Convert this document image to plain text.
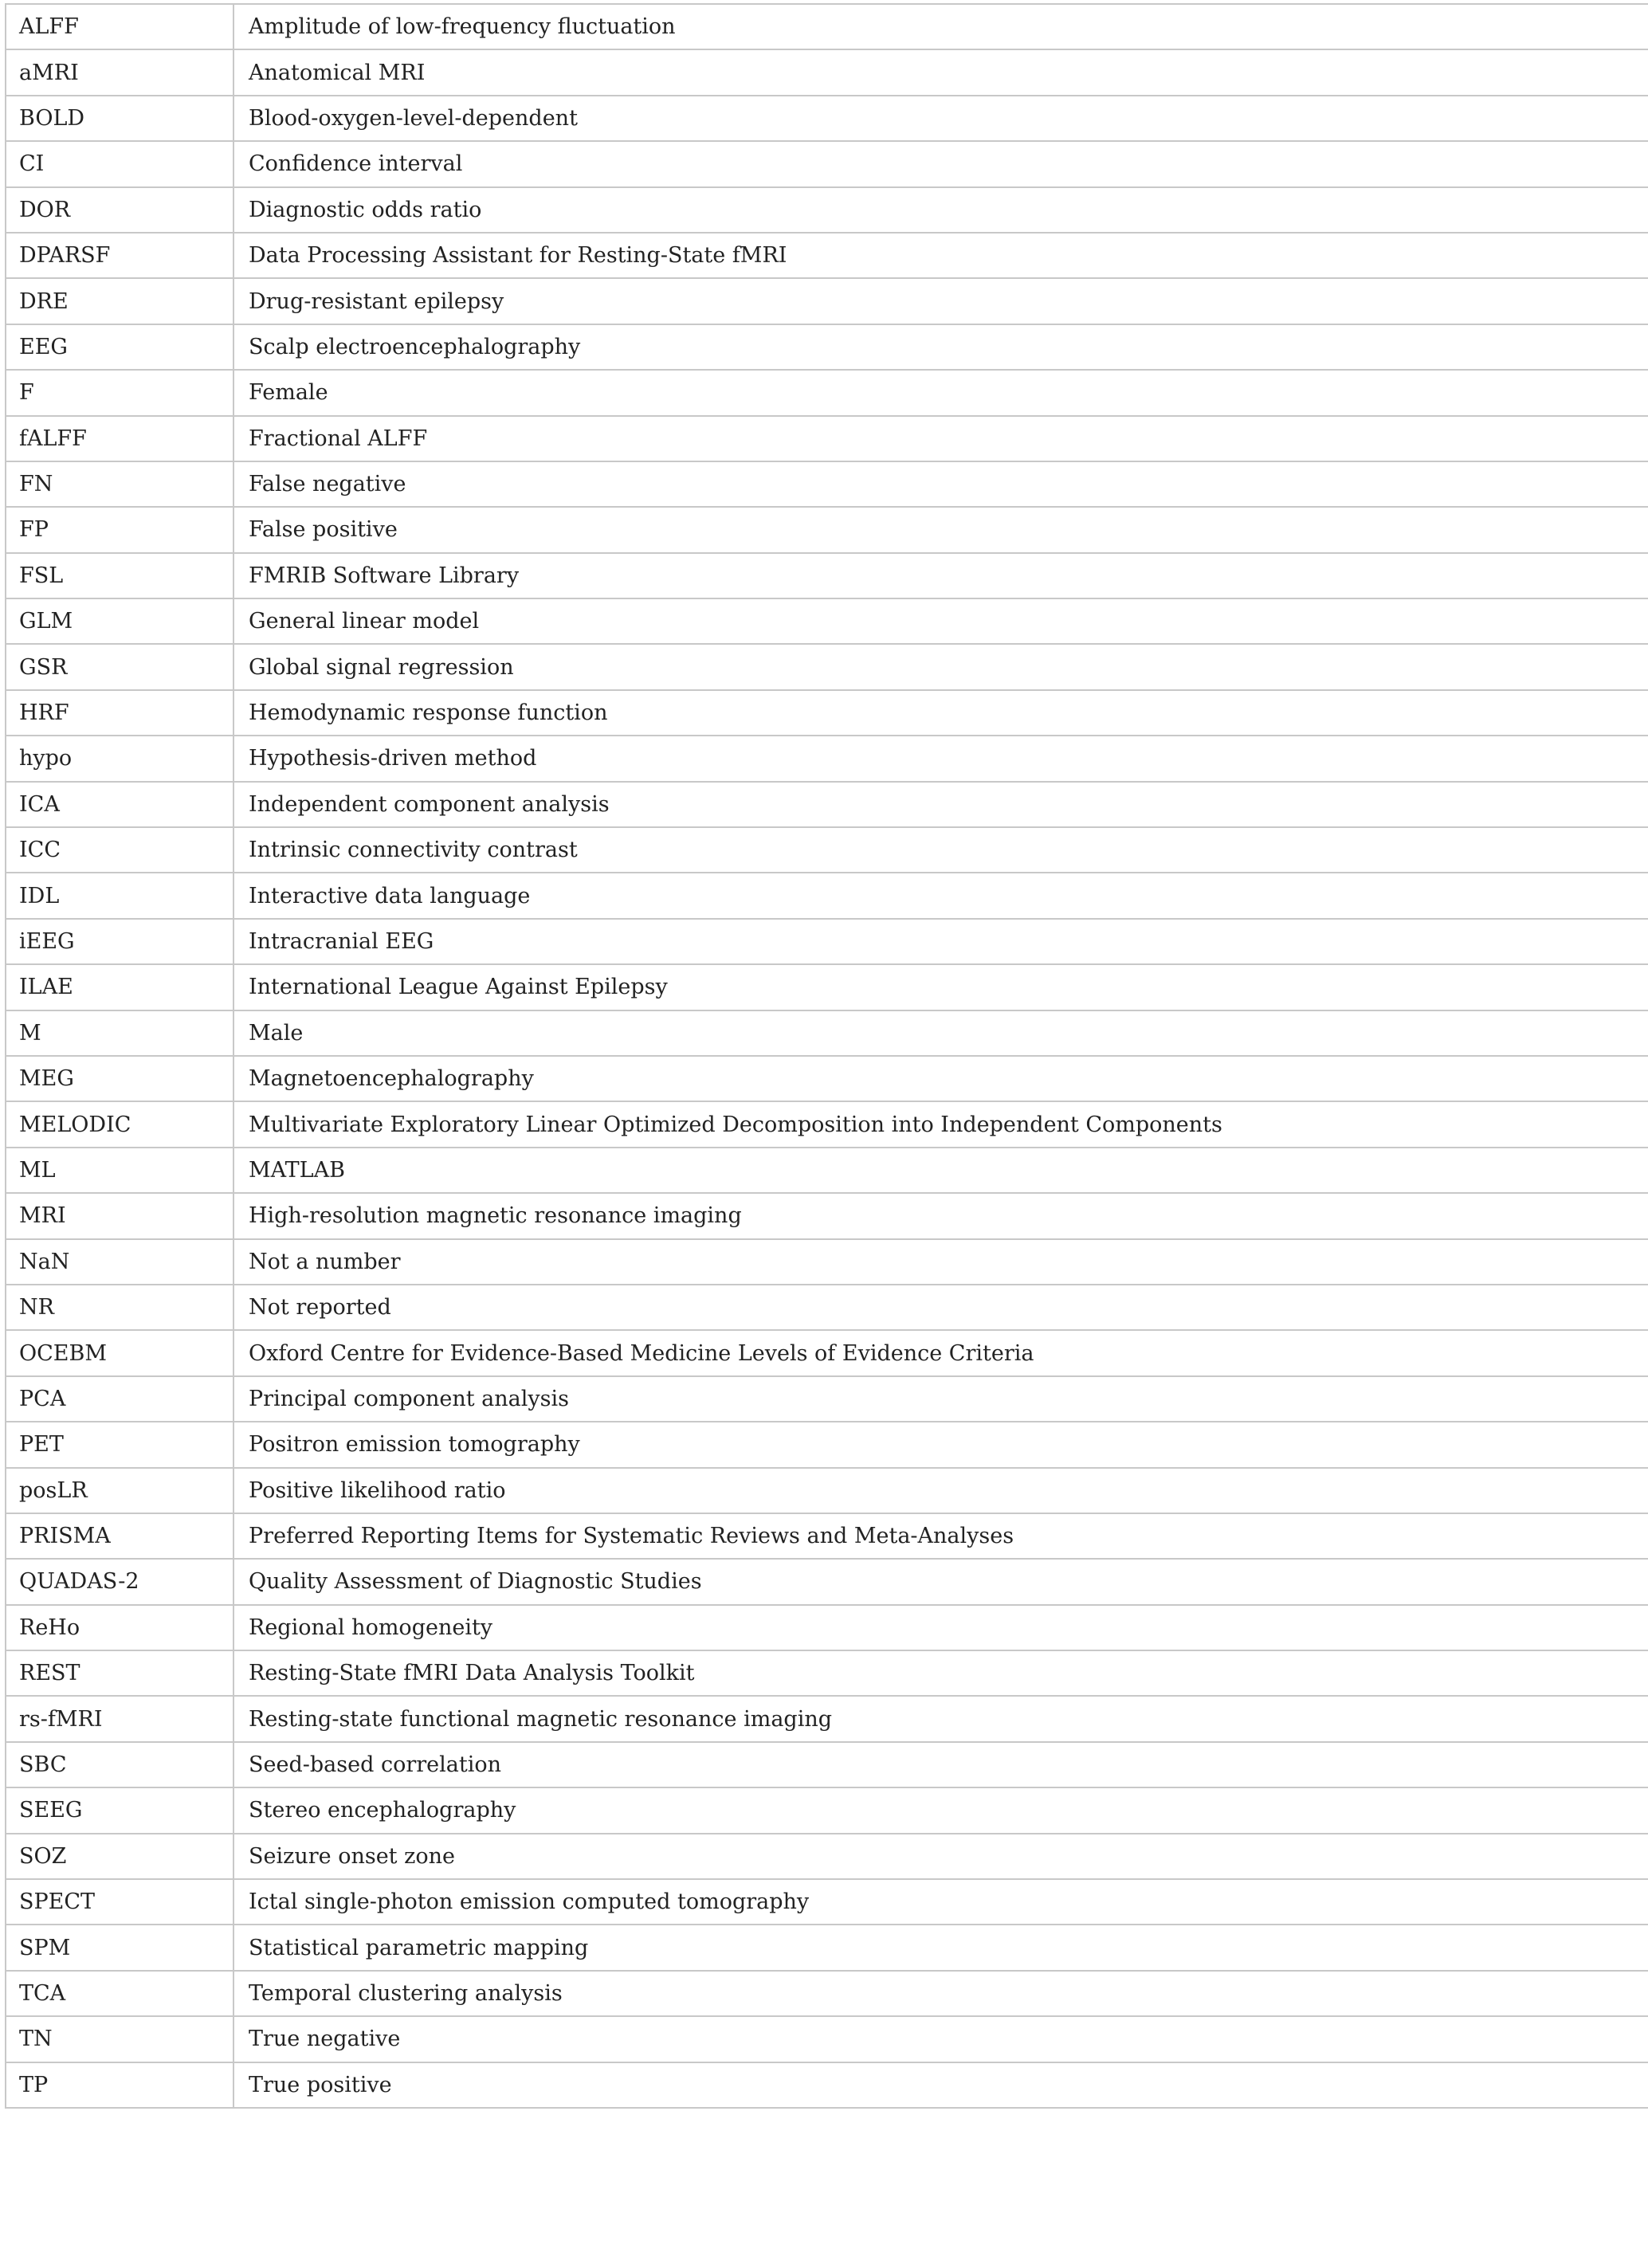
ALFF	Amplitude of low-frequency fluctuation
aMRI	Anatomical MRI
BOLD	Blood-oxygen-level-dependent
CI	Confidence interval
DOR	Diagnostic odds ratio
DPARSF	Data Processing Assistant for Resting-State fMRI
DRE	Drug-resistant epilepsy
EEG	Scalp electroencephalography
F	Female
fALFF	Fractional ALFF
FN	False negative
FP	False positive
FSL	FMRIB Software Library
GLM	General linear model
GSR	Global signal regression
HRF	Hemodynamic response function
hypo	Hypothesis-driven method
ICA	Independent component analysis
ICC	Intrinsic connectivity contrast
IDL	Interactive data language
iEEG	Intracranial EEG
ILAE	International League Against Epilepsy
M	Male
MEG	Magnetoencephalography
MELODIC	Multivariate Exploratory Linear Optimized Decomposition into Independent Components
ML	MATLAB
MRI	High-resolution magnetic resonance imaging
NaN	Not a number
NR	Not reported
OCEBM	Oxford Centre for Evidence-Based Medicine Levels of Evidence Criteria
PCA	Principal component analysis
PET	Positron emission tomography
posLR	Positive likelihood ratio
PRISMA	Preferred Reporting Items for Systematic Reviews and Meta-Analyses
QUADAS-2	Quality Assessment of Diagnostic Studies
ReHo	Regional homogeneity
REST	Resting-State fMRI Data Analysis Toolkit
rs-fMRI	Resting-state functional magnetic resonance imaging
SBC	Seed-based correlation
SEEG	Stereo encephalography
SOZ	Seizure onset zone
SPECT	Ictal single-photon emission computed tomography
SPM	Statistical parametric mapping
TCA	Temporal clustering analysis
TN	True negative
TP	True positive
